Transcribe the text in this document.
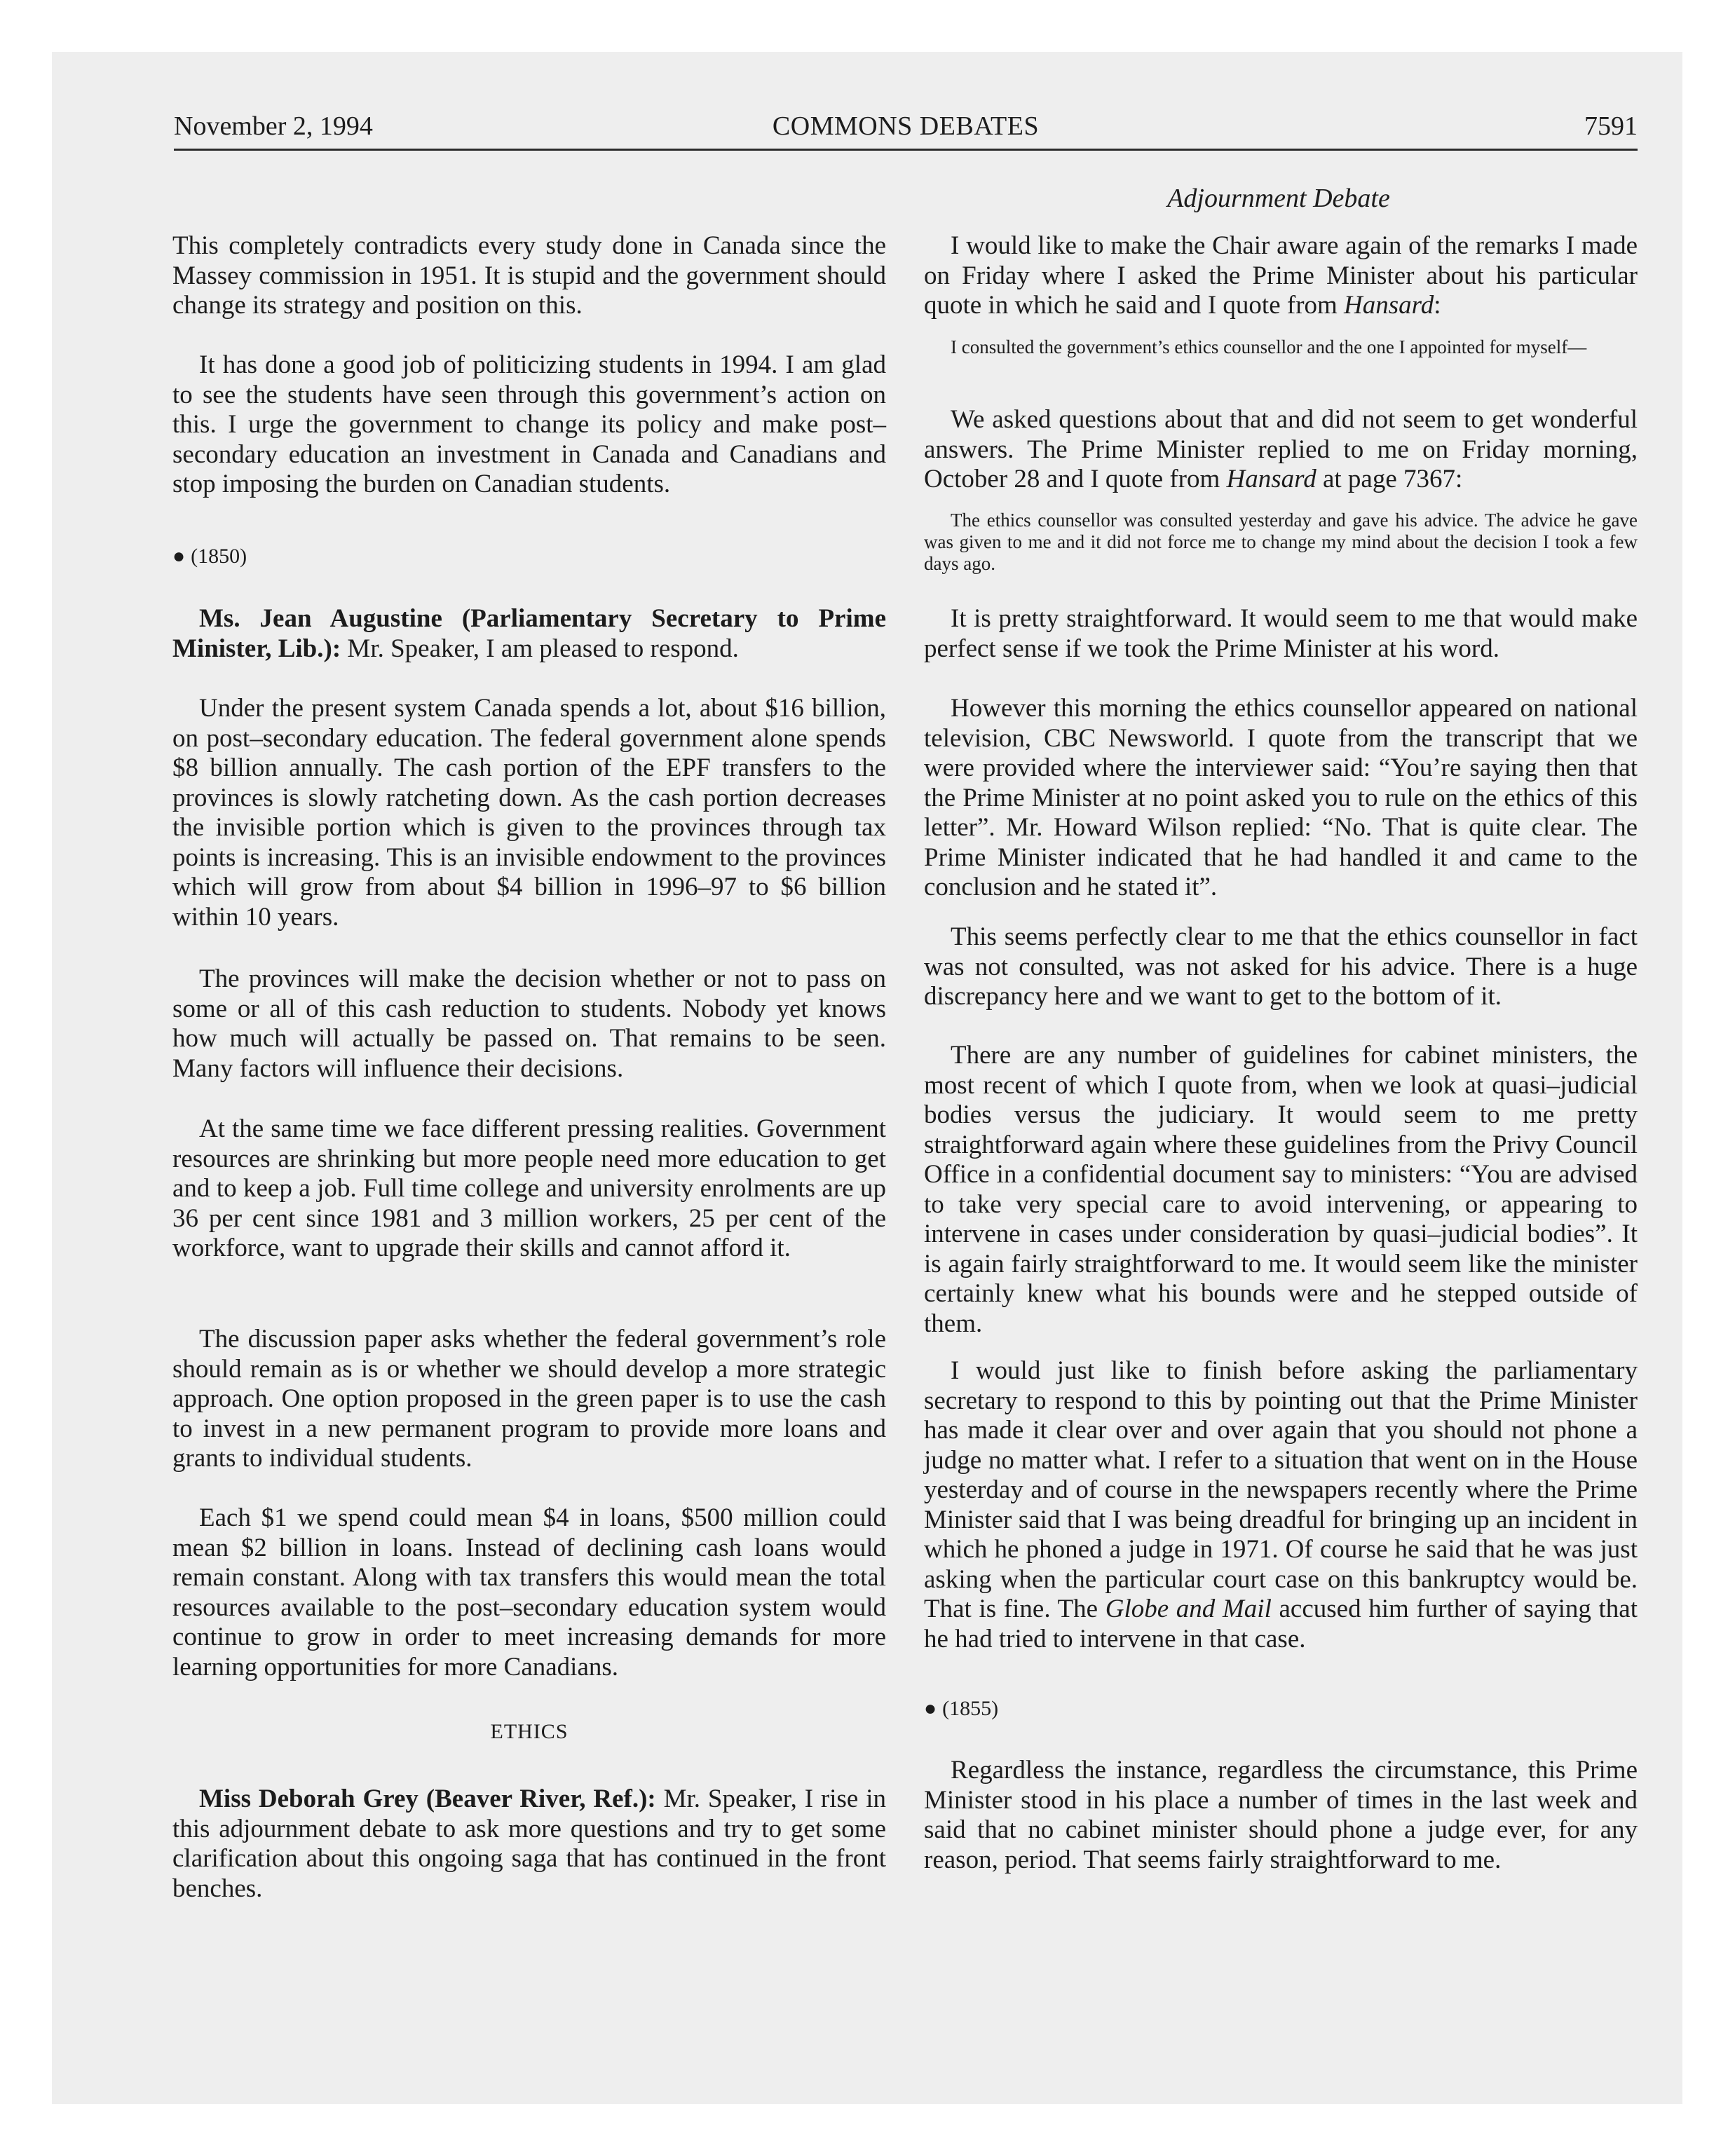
November 2, 1994	COMMONS DEBATES	7591
Adjournment Debate

This completely contradicts every study done in Canada since the Massey commission in 1951. It is stupid and the government should change its strategy and position on this.

It has done a good job of politicizing students in 1994. I am glad to see the students have seen through this government’s action on this. I urge the government to change its policy and make post–secondary education an investment in Canada and Canadians and stop imposing the burden on Canadian students.

● (1850)

Ms. Jean Augustine (Parliamentary Secretary to Prime Minister, Lib.): Mr. Speaker, I am pleased to respond.

Under the present system Canada spends a lot, about $16 billion, on post–secondary education. The federal government alone spends $8 billion annually. The cash portion of the EPF transfers to the provinces is slowly ratcheting down. As the cash portion decreases the invisible portion which is given to the provinces through tax points is increasing. This is an invisible endowment to the provinces which will grow from about $4 billion in 1996–97 to $6 billion within 10 years.

The provinces will make the decision whether or not to pass on some or all of this cash reduction to students. Nobody yet knows how much will actually be passed on. That remains to be seen. Many factors will influence their decisions.

At the same time we face different pressing realities. Government resources are shrinking but more people need more education to get and to keep a job. Full time college and university enrolments are up 36 per cent since 1981 and 3 million workers, 25 per cent of the workforce, want to upgrade their skills and cannot afford it.

The discussion paper asks whether the federal government’s role should remain as is or whether we should develop a more strategic approach. One option proposed in the green paper is to use the cash to invest in a new permanent program to provide more loans and grants to individual students.

Each $1 we spend could mean $4 in loans, $500 million could mean $2 billion in loans. Instead of declining cash loans would remain constant. Along with tax transfers this would mean the total resources available to the post–secondary education system would continue to grow in order to meet increasing demands for more learning opportunities for more Canadians.

ETHICS

Miss Deborah Grey (Beaver River, Ref.): Mr. Speaker, I rise in this adjournment debate to ask more questions and try to get some clarification about this ongoing saga that has continued in the front benches.

I would like to make the Chair aware again of the remarks I made on Friday where I asked the Prime Minister about his particular quote in which he said and I quote from Hansard:

I consulted the government’s ethics counsellor and the one I appointed for myself—

We asked questions about that and did not seem to get wonderful answers. The Prime Minister replied to me on Friday morning, October 28 and I quote from Hansard at page 7367:

The ethics counsellor was consulted yesterday and gave his advice. The advice he gave was given to me and it did not force me to change my mind about the decision I took a few days ago.

It is pretty straightforward. It would seem to me that would make perfect sense if we took the Prime Minister at his word.

However this morning the ethics counsellor appeared on national television, CBC Newsworld. I quote from the transcript that we were provided where the interviewer said: “You’re saying then that the Prime Minister at no point asked you to rule on the ethics of this letter”. Mr. Howard Wilson replied: “No. That is quite clear. The Prime Minister indicated that he had handled it and came to the conclusion and he stated it”.

This seems perfectly clear to me that the ethics counsellor in fact was not consulted, was not asked for his advice. There is a huge discrepancy here and we want to get to the bottom of it.

There are any number of guidelines for cabinet ministers, the most recent of which I quote from, when we look at quasi–judicial bodies versus the judiciary. It would seem to me pretty straightforward again where these guidelines from the Privy Council Office in a confidential document say to ministers: “You are advised to take very special care to avoid intervening, or appearing to intervene in cases under consideration by quasi–judicial bodies”. It is again fairly straightforward to me. It would seem like the minister certainly knew what his bounds were and he stepped outside of them.

I would just like to finish before asking the parliamentary secretary to respond to this by pointing out that the Prime Minister has made it clear over and over again that you should not phone a judge no matter what. I refer to a situation that went on in the House yesterday and of course in the newspapers recently where the Prime Minister said that I was being dreadful for bringing up an incident in which he phoned a judge in 1971. Of course he said that he was just asking when the particular court case on this bankruptcy would be. That is fine. The Globe and Mail accused him further of saying that he had tried to intervene in that case.

● (1855)

Regardless the instance, regardless the circumstance, this Prime Minister stood in his place a number of times in the last week and said that no cabinet minister should phone a judge ever, for any reason, period. That seems fairly straightforward to me.
